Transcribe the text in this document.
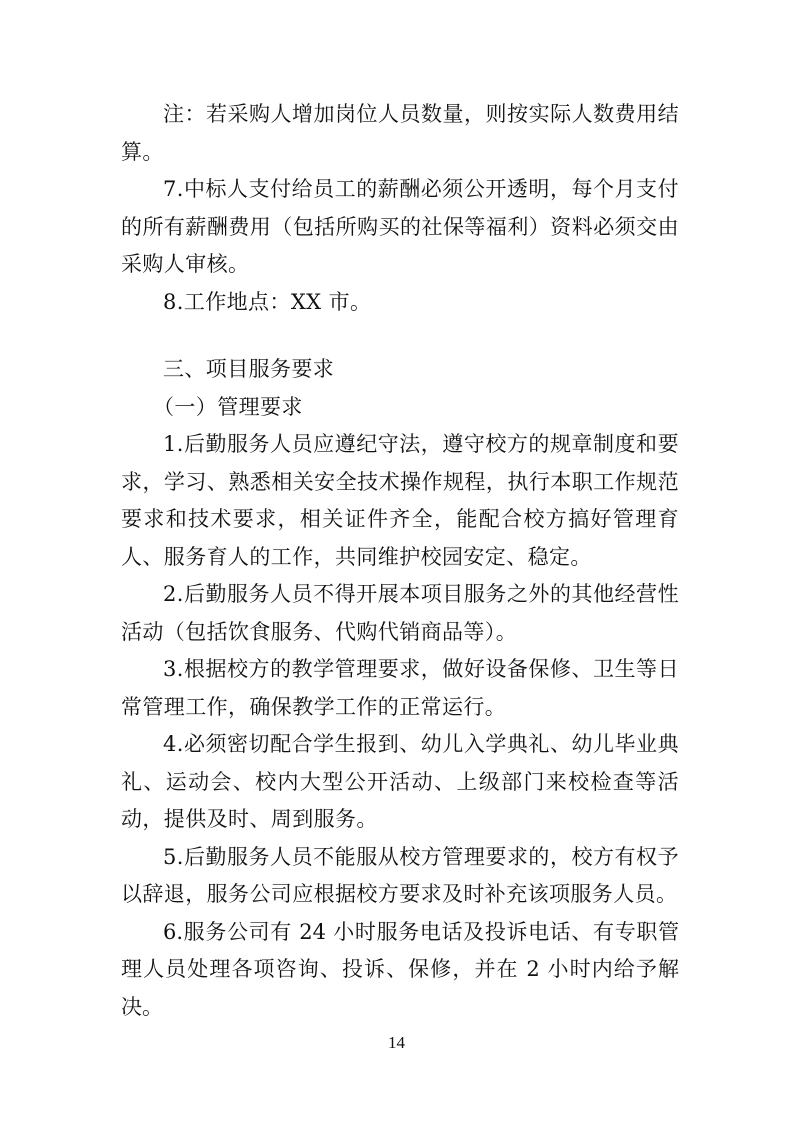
注：若采购人增加岗位人员数量，则按实际人数费用结算。

7.中标人支付给员工的薪酬必须公开透明，每个月支付的所有薪酬费用（包括所购买的社保等福利）资料必须交由采购人审核。

8.工作地点：XX 市。

三、项目服务要求

（一）管理要求

1.后勤服务人员应遵纪守法，遵守校方的规章制度和要求，学习、熟悉相关安全技术操作规程，执行本职工作规范要求和技术要求，相关证件齐全，能配合校方搞好管理育人、服务育人的工作，共同维护校园安定、稳定。

2.后勤服务人员不得开展本项目服务之外的其他经营性活动（包括饮食服务、代购代销商品等）。

3.根据校方的教学管理要求，做好设备保修、卫生等日常管理工作，确保教学工作的正常运行。

4.必须密切配合学生报到、幼儿入学典礼、幼儿毕业典礼、运动会、校内大型公开活动、上级部门来校检查等活动，提供及时、周到服务。

5.后勤服务人员不能服从校方管理要求的，校方有权予以辞退，服务公司应根据校方要求及时补充该项服务人员。

6.服务公司有 24 小时服务电话及投诉电话、有专职管理人员处理各项咨询、投诉、保修，并在 2 小时内给予解决。

14
